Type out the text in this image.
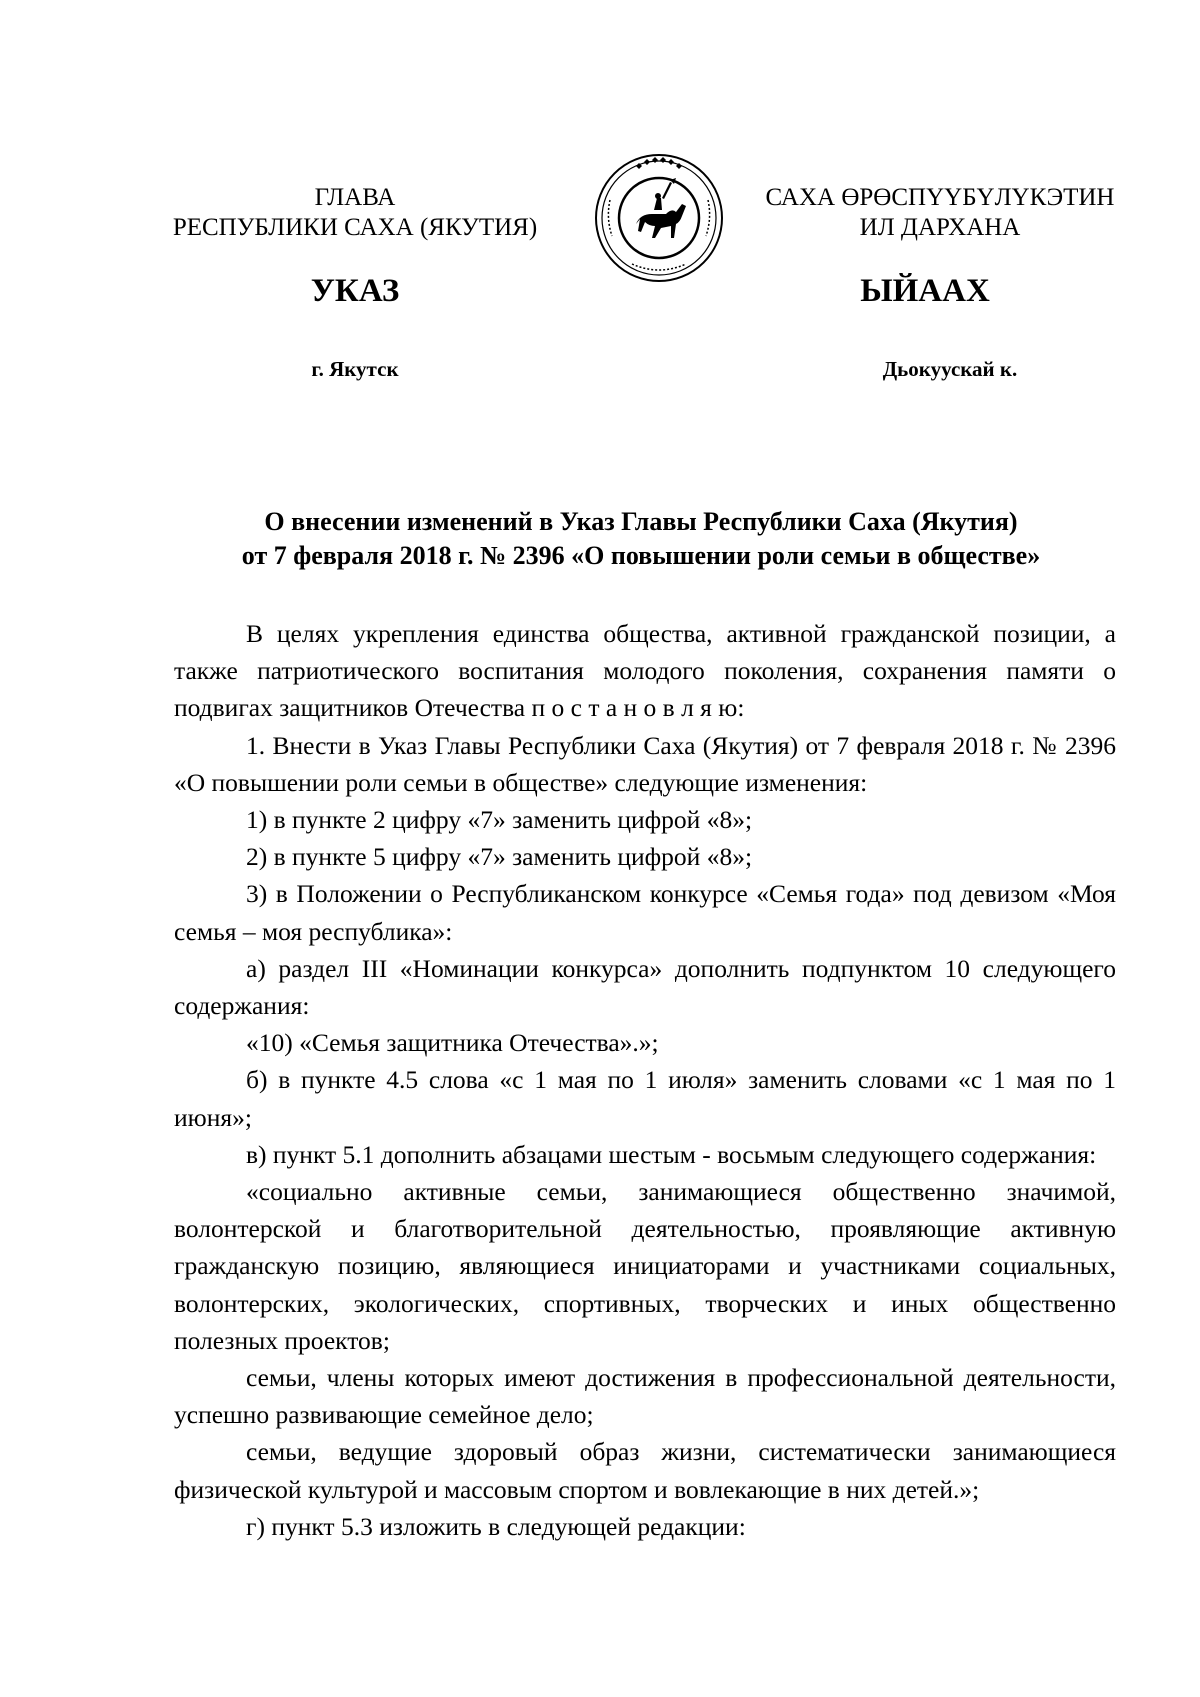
ГЛАВА
РЕСПУБЛИКИ САХА (ЯКУТИЯ)
САХА ӨРӨСПҮҮБҮЛҮКЭТИН
ИЛ ДАРХАНА
УКАЗ	ЫЙААХ
г. Якутск	Дьокуускай к.
О внесении изменений в Указ Главы Республики Саха (Якутия)
от 7 февраля 2018 г. № 2396 «О повышении роли семьи в обществе»

В целях укрепления единства общества, активной гражданской позиции, а также патриотического воспитания молодого поколения, сохранения памяти о подвигах защитников Отечества п о с т а н о в л я ю:

1. Внести в Указ Главы Республики Саха (Якутия) от 7 февраля 2018 г. № 2396 «О повышении роли семьи в обществе» следующие изменения:

1) в пункте 2 цифру «7» заменить цифрой «8»;

2) в пункте 5 цифру «7» заменить цифрой «8»;

3) в Положении о Республиканском конкурсе «Семья года» под девизом «Моя семья – моя республика»:

а) раздел III «Номинации конкурса» дополнить подпунктом 10 следующего содержания:

«10) «Семья защитника Отечества».»;

б) в пункте 4.5 слова «с 1 мая по 1 июля» заменить словами «с 1 мая по 1 июня»;

в) пункт 5.1 дополнить абзацами шестым - восьмым следующего содержания:

«социально активные семьи, занимающиеся общественно значимой, волонтерской и благотворительной деятельностью, проявляющие активную гражданскую позицию, являющиеся инициаторами и участниками социальных, волонтерских, экологических, спортивных, творческих и иных общественно полезных проектов;

семьи, члены которых имеют достижения в профессиональной деятельности, успешно развивающие семейное дело;

семьи, ведущие здоровый образ жизни, систематически занимающиеся физической культурой и массовым спортом и вовлекающие в них детей.»;

г) пункт 5.3 изложить в следующей редакции:
